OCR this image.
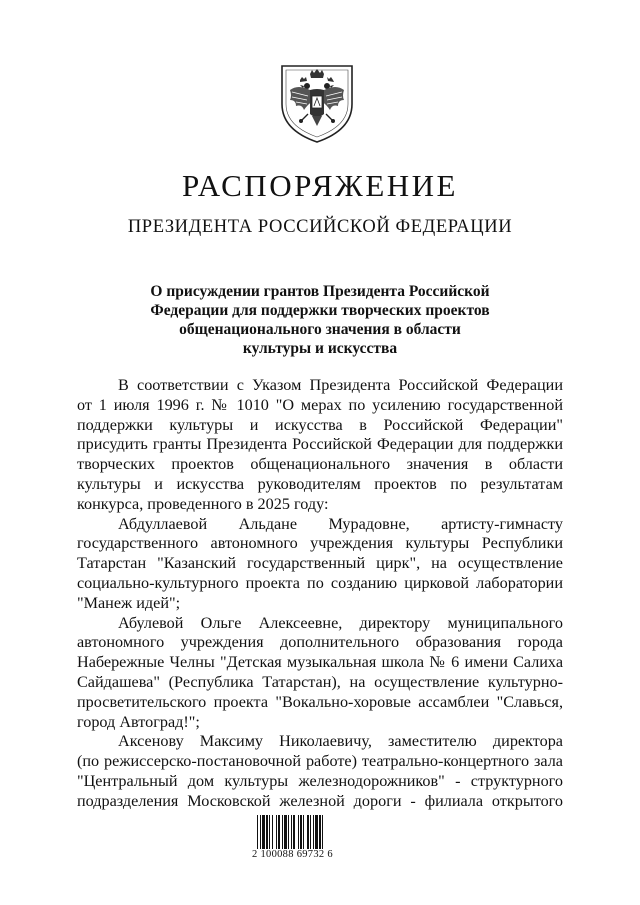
РАСПОРЯЖЕНИЕ
ПРЕЗИДЕНТА РОССИЙСКОЙ ФЕДЕРАЦИИ
О присуждении грантов Президента Российской
Федерации для поддержки творческих проектов
общенационального значения в области
культуры и искусства
В соответствии с Указом Президента Российской Федерации
от 1 июля 1996 г. № 1010 "О мерах по усилению государственной
поддержки культуры и искусства в Российской Федерации"
присудить гранты Президента Российской Федерации для поддержки
творческих проектов общенационального значения в области
культуры и искусства руководителям проектов по результатам
конкурса, проведенного в 2025 году:
Абдуллаевой Альдане Мурадовне, артисту-гимнасту
государственного автономного учреждения культуры Республики
Татарстан "Казанский государственный цирк", на осуществление
социально-культурного проекта по созданию цирковой лаборатории
"Манеж идей";
Абулевой Ольге Алексеевне, директору муниципального
автономного учреждения дополнительного образования города
Набережные Челны "Детская музыкальная школа № 6 имени Салиха
Сайдашева" (Республика Татарстан), на осуществление культурно-
просветительского проекта "Вокально-хоровые ассамблеи "Славься,
город Автоград!";
Аксенову Максиму Николаевичу, заместителю директора
(по режиссерско-постановочной работе) театрально-концертного зала
"Центральный дом культуры железнодорожников" - структурного
подразделения Московской железной дороги - филиала открытого
2 100088 69732 6
